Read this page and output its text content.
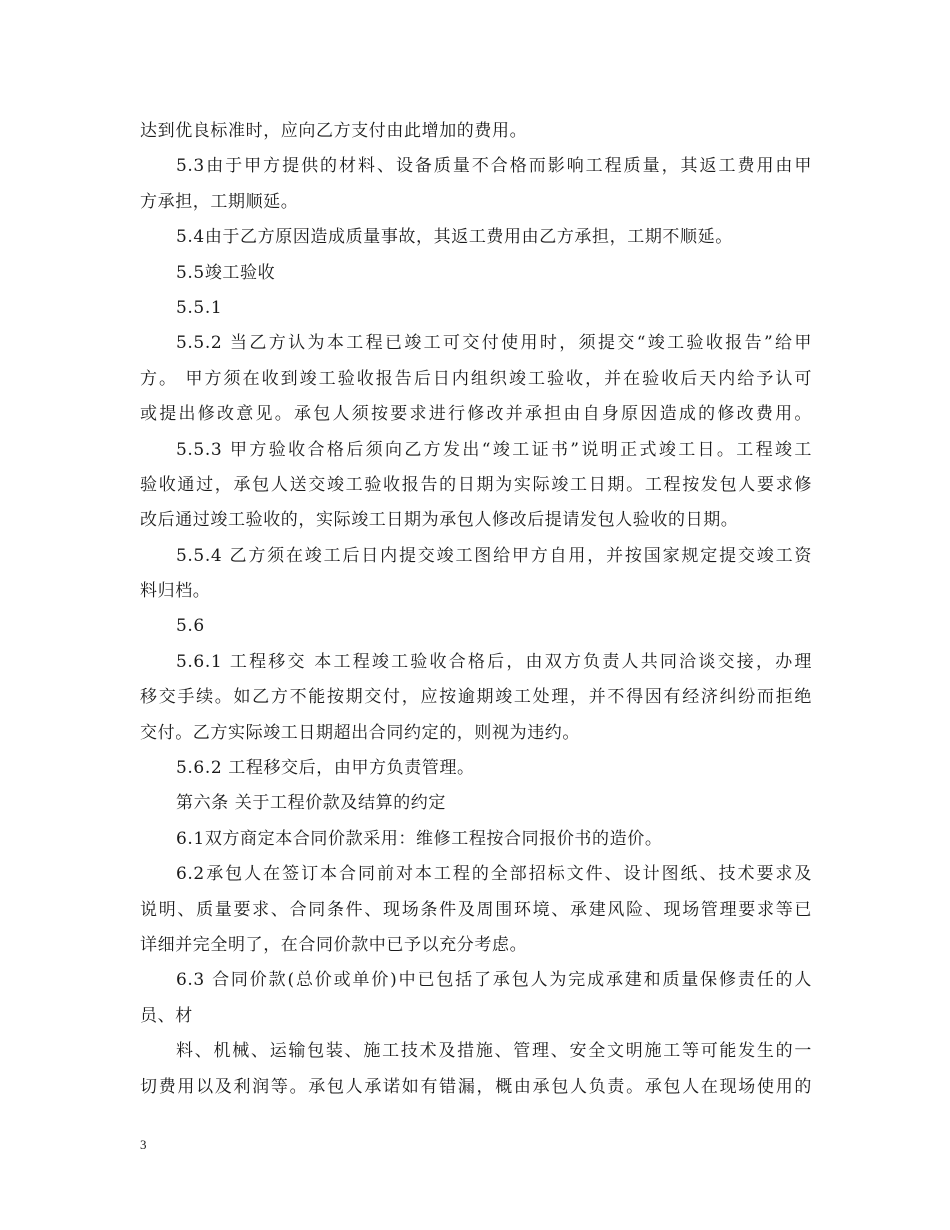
达到优良标准时，应向乙方支付由此增加的费用。
5.3由于甲方提供的材料、设备质量不合格而影响工程质量，其返工费用由甲
方承担，工期顺延。
5.4由于乙方原因造成质量事故，其返工费用由乙方承担，工期不顺延。
5.5竣工验收
5.5.1
5.5.2 当乙方认为本工程已竣工可交付使用时，须提交“竣工验收报告”给甲
方。 甲方须在收到竣工验收报告后日内组织竣工验收，并在验收后天内给予认可
或提出修改意见。承包人须按要求进行修改并承担由自身原因造成的修改费用。
5.5.3 甲方验收合格后须向乙方发出“竣工证书”说明正式竣工日。工程竣工
验收通过，承包人送交竣工验收报告的日期为实际竣工日期。工程按发包人要求修
改后通过竣工验收的，实际竣工日期为承包人修改后提请发包人验收的日期。
5.5.4 乙方须在竣工后日内提交竣工图给甲方自用，并按国家规定提交竣工资
料归档。
5.6
5.6.1 工程移交 本工程竣工验收合格后，由双方负责人共同洽谈交接，办理
移交手续。如乙方不能按期交付，应按逾期竣工处理，并不得因有经济纠纷而拒绝
交付。乙方实际竣工日期超出合同约定的，则视为违约。
5.6.2 工程移交后，由甲方负责管理。
第六条 关于工程价款及结算的约定
6.1双方商定本合同价款采用：维修工程按合同报价书的造价。
6.2承包人在签订本合同前对本工程的全部招标文件、设计图纸、技术要求及
说明、质量要求、合同条件、现场条件及周围环境、承建风险、现场管理要求等已
详细并完全明了，在合同价款中已予以充分考虑。
6.3 合同价款(总价或单价)中已包括了承包人为完成承建和质量保修责任的人
员、材
料、机械、运输包装、施工技术及措施、管理、安全文明施工等可能发生的一
切费用以及利润等。承包人承诺如有错漏，概由承包人负责。承包人在现场使用的
3
